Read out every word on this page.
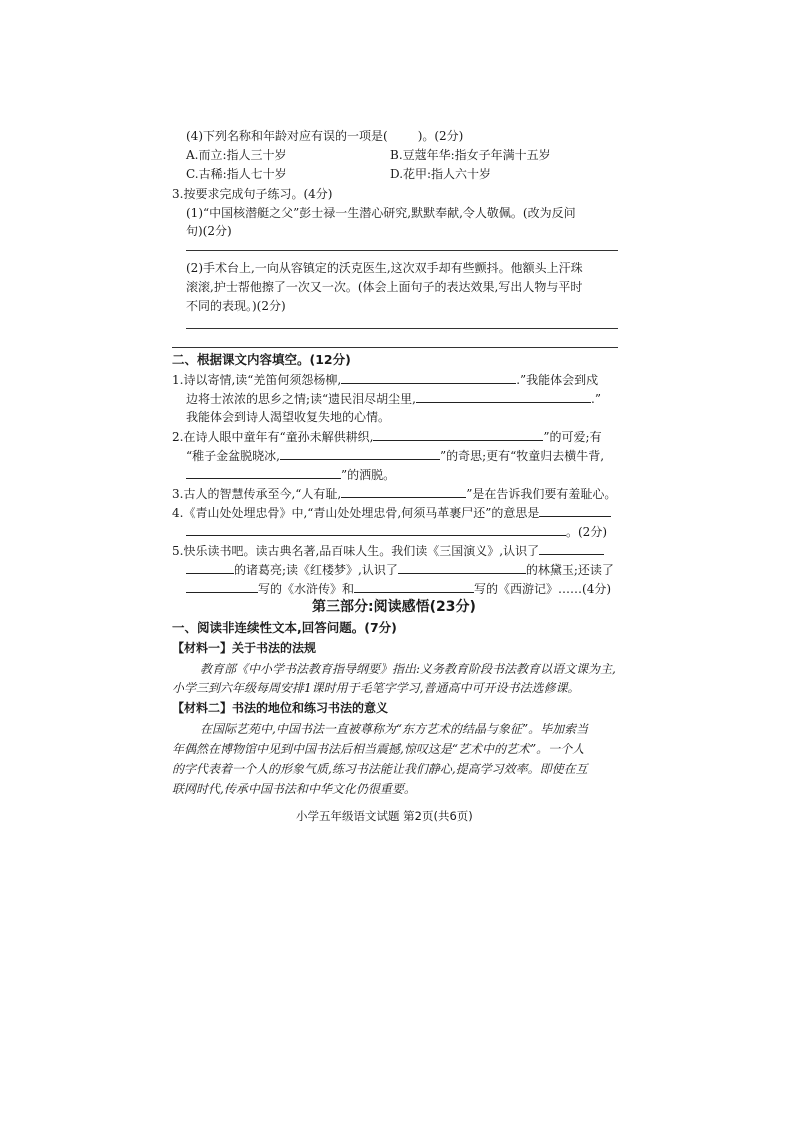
(4)下列名称和年龄对应有误的一项是(	)。(2分)
A.而立:指人三十岁	B.豆蔻年华:指女子年满十五岁
C.古稀:指人七十岁	D.花甲:指人六十岁
3.按要求完成句子练习。(4分)
(1)“中国核潜艇之父”彭士禄一生潜心研究,默默奉献,令人敬佩。(改为反问
句)(2分)
(2)手术台上,一向从容镇定的沃克医生,这次双手却有些颤抖。他额头上汗珠
滚滚,护士帮他擦了一次又一次。(体会上面句子的表达效果,写出人物与平时
不同的表现。)(2分)
二、根据课文内容填空。(12分)
1.诗以寄情,读“羌笛何须怨杨柳,	.”我能体会到戍
边将士浓浓的思乡之情;读“遗民泪尽胡尘里,	.”
我能体会到诗人渴望收复失地的心情。
2.在诗人眼中童年有“童孙未解供耕织,	”的可爱;有
“稚子金盆脱晓冰,	”的奇思;更有“牧童归去横牛背,
”的洒脱。
3.古人的智慧传承至今,“人有耻,	”是在告诉我们要有羞耻心。
4.《青山处处埋忠骨》中,“青山处处埋忠骨,何须马革裹尸还”的意思是
。(2分)
5.快乐读书吧。读古典名著,品百味人生。我们读《三国演义》,认识了
的诸葛亮;读《红楼梦》,认识了	的林黛玉;还读了
写的《水浒传》和	写的《西游记》……(4分)
第三部分:阅读感悟(23分)
一、阅读非连续性文本,回答问题。(7分)
【材料一】关于书法的法规
教育部《中小学书法教育指导纲要》指出:义务教育阶段书法教育以语文课为主,
小学三到六年级每周安排1课时用于毛笔字学习,普通高中可开设书法选修课。
【材料二】书法的地位和练习书法的意义
在国际艺苑中,中国书法一直被尊称为“东方艺术的结晶与象征”。毕加索当
年偶然在博物馆中见到中国书法后相当震撼,惊叹这是“艺术中的艺术”。一个人
的字代表着一个人的形象气质,练习书法能让我们静心,提高学习效率。即使在互
联网时代,传承中国书法和中华文化仍很重要。
小学五年级语文试题 第2页(共6页)
